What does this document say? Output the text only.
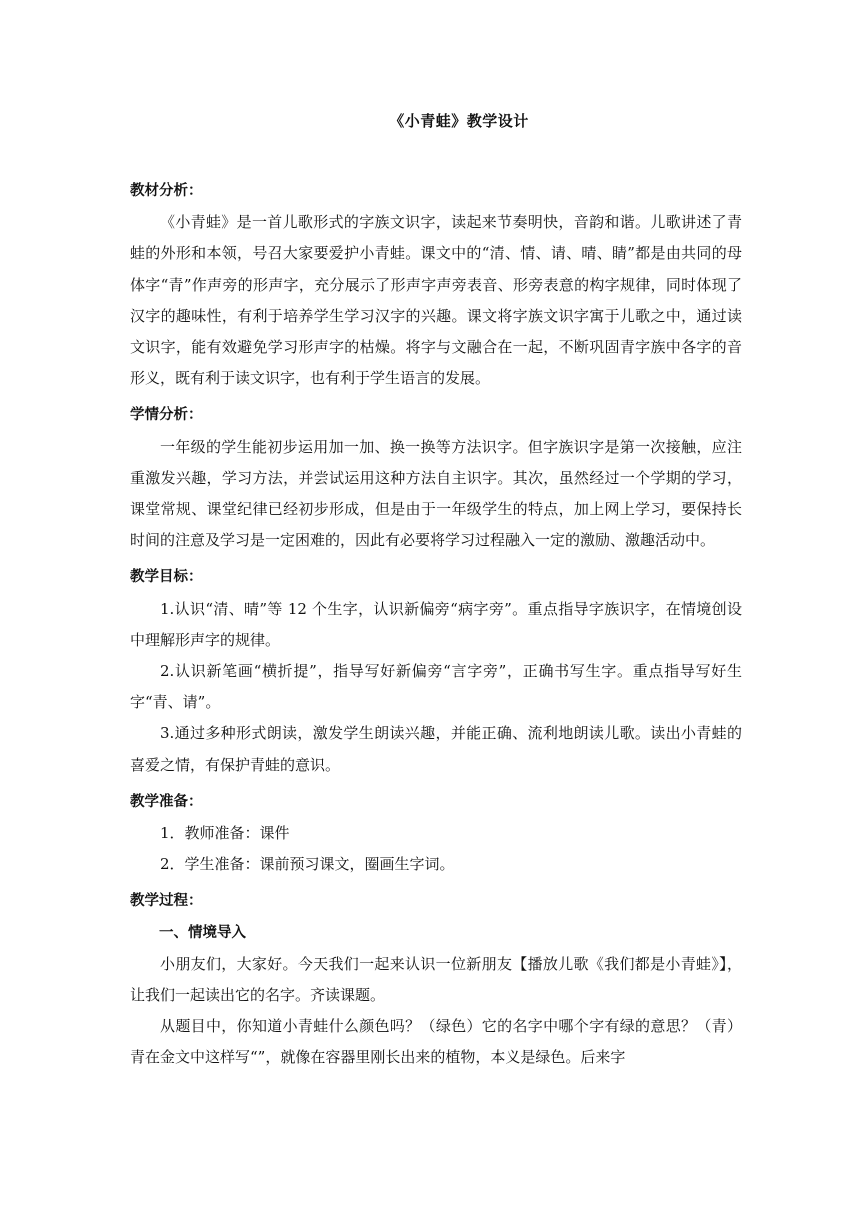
《小青蛙》教学设计

教材分析：

《小青蛙》是一首儿歌形式的字族文识字，读起来节奏明快，音韵和谐。儿歌讲述了青蛙的外形和本领，号召大家要爱护小青蛙。课文中的“清、情、请、晴、睛”都是由共同的母体字“青”作声旁的形声字，充分展示了形声字声旁表音、形旁表意的构字规律，同时体现了汉字的趣味性，有利于培养学生学习汉字的兴趣。课文将字族文识字寓于儿歌之中，通过读文识字，能有效避免学习形声字的枯燥。将字与文融合在一起，不断巩固青字族中各字的音形义，既有利于读文识字，也有利于学生语言的发展。

学情分析：

一年级的学生能初步运用加一加、换一换等方法识字。但字族识字是第一次接触，应注重激发兴趣，学习方法，并尝试运用这种方法自主识字。其次，虽然经过一个学期的学习，课堂常规、课堂纪律已经初步形成，但是由于一年级学生的特点，加上网上学习，要保持长时间的注意及学习是一定困难的，因此有必要将学习过程融入一定的激励、激趣活动中。

教学目标：

1.认识“清、晴”等 12 个生字，认识新偏旁“病字旁”。重点指导字族识字，在情境创设中理解形声字的规律。

2.认识新笔画“横折提”，指导写好新偏旁“言字旁”，正确书写生字。重点指导写好生字“青、请”。

3.通过多种形式朗读，激发学生朗读兴趣，并能正确、流利地朗读儿歌。读出小青蛙的喜爱之情，有保护青蛙的意识。

教学准备：

1．教师准备：课件

2．学生准备：课前预习课文，圈画生字词。

教学过程：

一、情境导入

小朋友们，大家好。今天我们一起来认识一位新朋友【播放儿歌《我们都是小青蛙》】，让我们一起读出它的名字。齐读课题。

从题目中，你知道小青蛙什么颜色吗？（绿色）它的名字中哪个字有绿的意思？（青）青在金文中这样写“”，就像在容器里刚长出来的植物，本义是绿色。后来字
